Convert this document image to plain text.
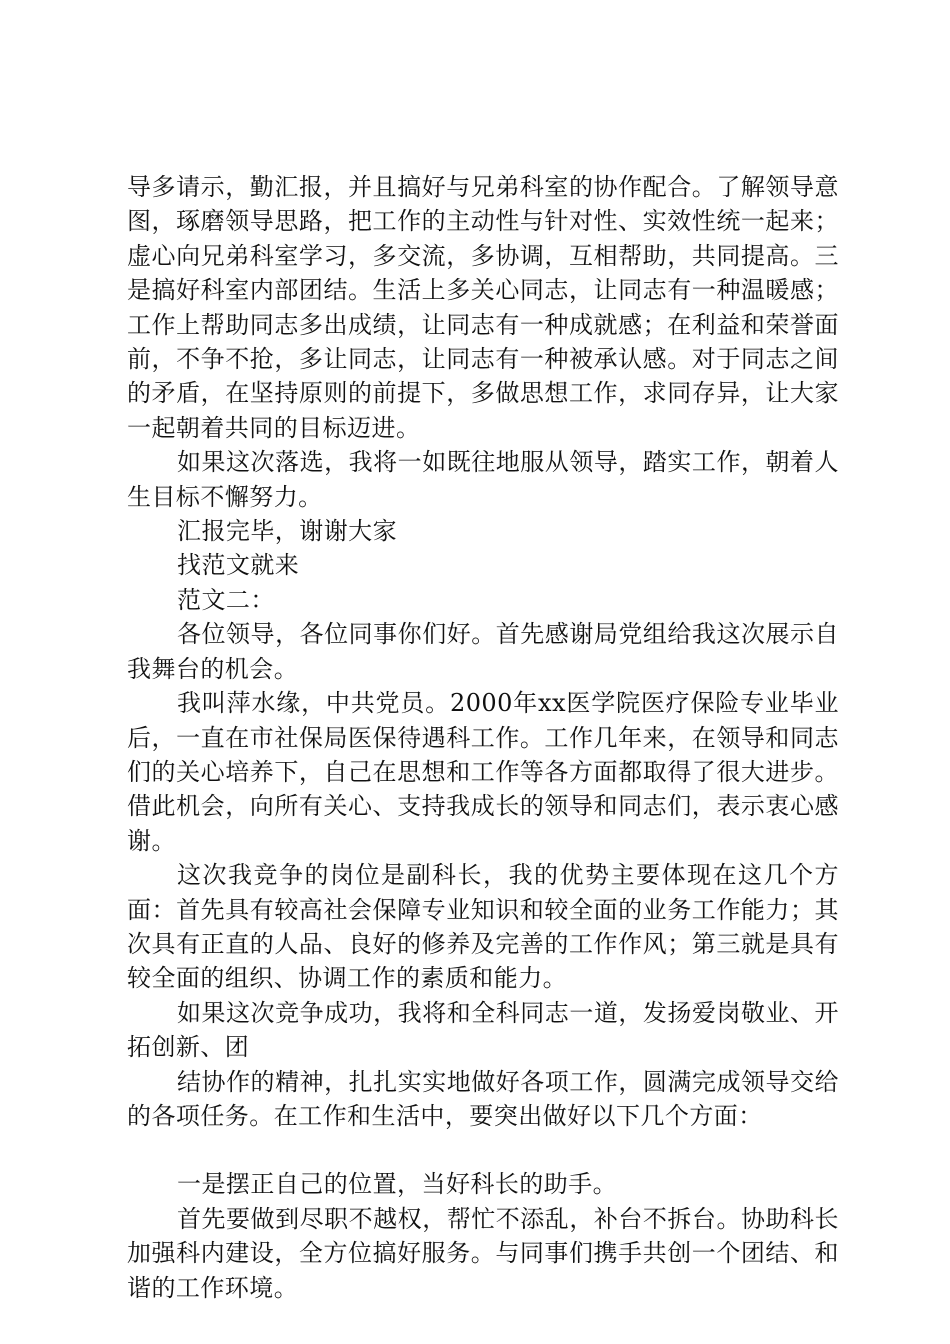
导多请示，勤汇报，并且搞好与兄弟科室的协作配合。了解领导意图，琢磨领导思路，把工作的主动性与针对性、实效性统一起来；虚心向兄弟科室学习，多交流，多协调，互相帮助，共同提高。三是搞好科室内部团结。生活上多关心同志，让同志有一种温暖感；工作上帮助同志多出成绩，让同志有一种成就感；在利益和荣誉面前，不争不抢，多让同志，让同志有一种被承认感。对于同志之间的矛盾，在坚持原则的前提下，多做思想工作，求同存异，让大家一起朝着共同的目标迈进。

如果这次落选，我将一如既往地服从领导，踏实工作，朝着人生目标不懈努力。

汇报完毕，谢谢大家

找范文就来

范文二：

各位领导，各位同事你们好。首先感谢局党组给我这次展示自我舞台的机会。

我叫萍水缘，中共党员。2000年xx医学院医疗保险专业毕业后，一直在市社保局医保待遇科工作。工作几年来，在领导和同志们的关心培养下，自己在思想和工作等各方面都取得了很大进步。借此机会，向所有关心、支持我成长的领导和同志们，表示衷心感谢。

这次我竞争的岗位是副科长，我的优势主要体现在这几个方面：首先具有较高社会保障专业知识和较全面的业务工作能力；其次具有正直的人品、良好的修养及完善的工作作风；第三就是具有较全面的组织、协调工作的素质和能力。

如果这次竞争成功，我将和全科同志一道，发扬爱岗敬业、开拓创新、团

结协作的精神，扎扎实实地做好各项工作，圆满完成领导交给的各项任务。在工作和生活中，要突出做好以下几个方面：

一是摆正自己的位置，当好科长的助手。

首先要做到尽职不越权，帮忙不添乱，补台不拆台。协助科长加强科内建设，全方位搞好服务。与同事们携手共创一个团结、和谐的工作环境。
